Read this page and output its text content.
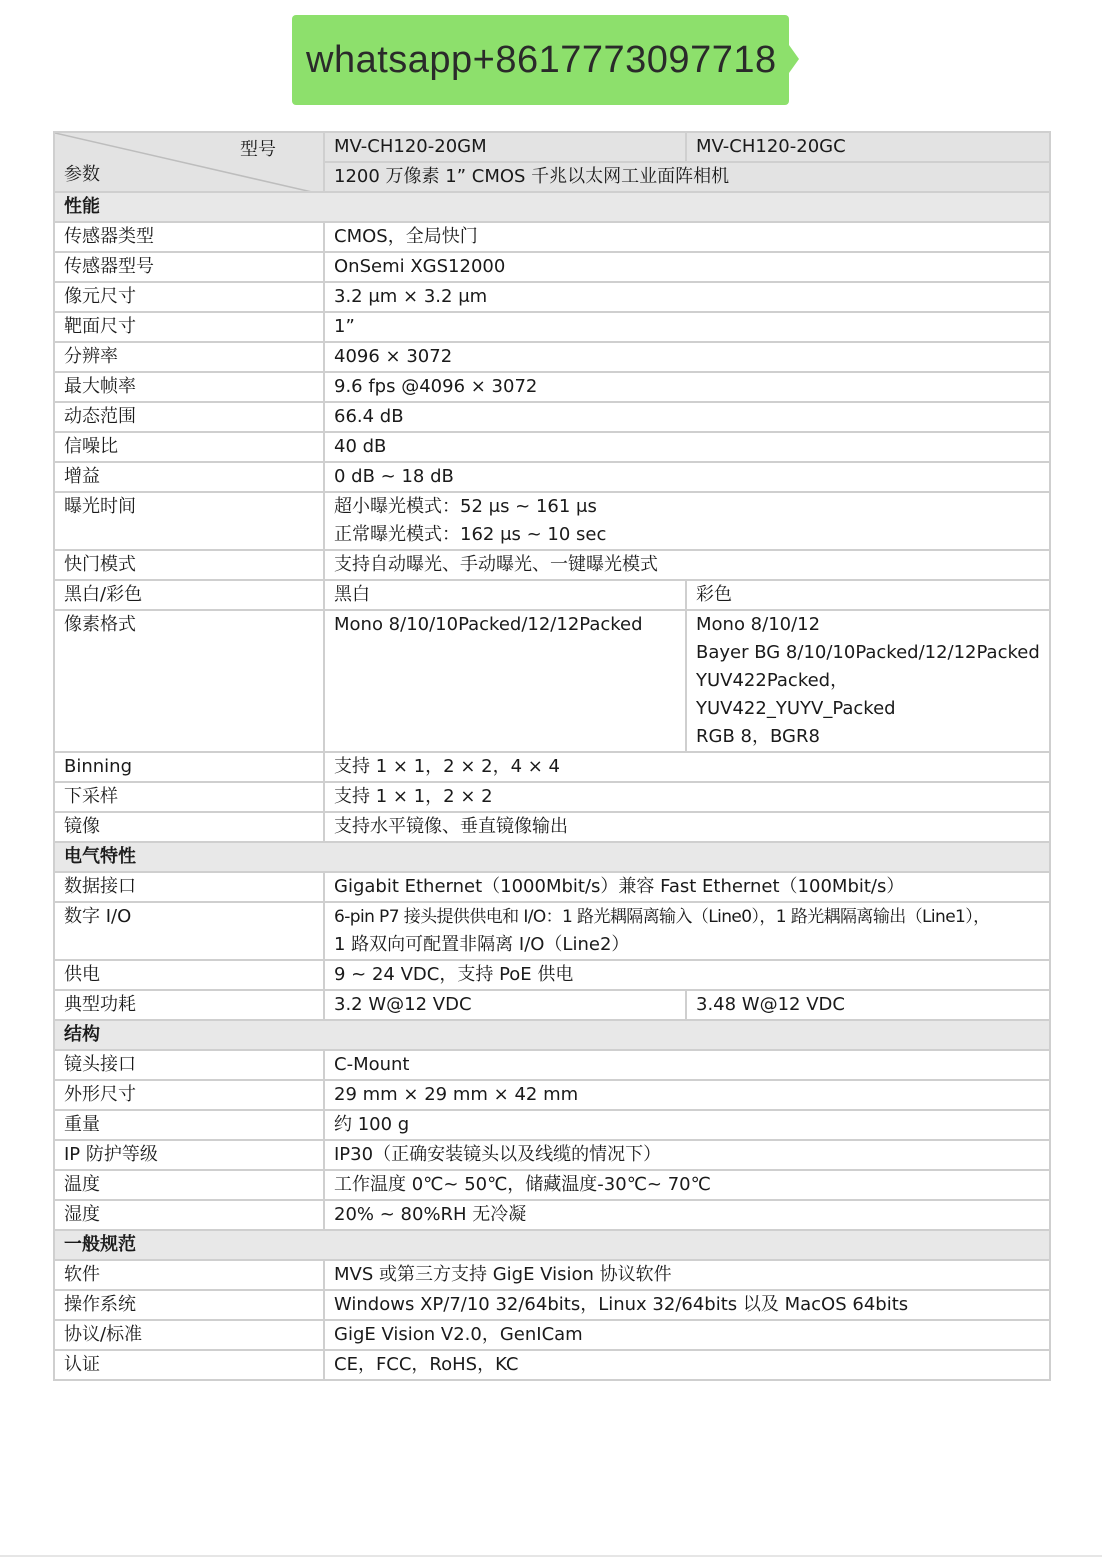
whatsapp+8617773097718
型号
参数	MV-CH120-20GM	MV-CH120-20GC
	1200 万像素 1” CMOS 千兆以太网工业面阵相机	
性能		
传感器类型	CMOS，全局快门	
传感器型号	OnSemi XGS12000	
像元尺寸	3.2 μm × 3.2 μm	
靶面尺寸	1”	
分辨率	4096 × 3072	
最大帧率	9.6 fps @4096 × 3072	
动态范围	66.4 dB	
信噪比	40 dB	
增益	0 dB ~ 18 dB	
曝光时间	超小曝光模式：52 μs ~ 161 μs
正常曝光模式：162 μs ~ 10 sec	

快门模式	支持自动曝光、手动曝光、一键曝光模式	
黑白/彩色	黑白	彩色
像素格式	Mono 8/10/10Packed/12/12Packed	Mono 8/10/12
Bayer BG 8/10/10Packed/12/12Packed
YUV422Packed，
YUV422_YUYV_Packed
RGB 8，BGR8

Binning	支持 1 × 1，2 × 2，4 × 4	
下采样	支持 1 × 1，2 × 2	
镜像	支持水平镜像、垂直镜像输出	
电气特性		
数据接口	Gigabit Ethernet（1000Mbit/s）兼容 Fast Ethernet（100Mbit/s）	
数字 I/O	6-pin P7 接头提供供电和 I/O：1 路光耦隔离输入（Line0），1 路光耦隔离输出（Line1），
1 路双向可配置非隔离 I/O（Line2）	

供电	9 ~ 24 VDC，支持 PoE 供电	
典型功耗	3.2 W@12 VDC	3.48 W@12 VDC
结构		
镜头接口	C-Mount	
外形尺寸	29 mm × 29 mm × 42 mm	
重量	约 100 g	
IP 防护等级	IP30（正确安装镜头以及线缆的情况下）	
温度	工作温度 0℃~ 50℃，储藏温度-30℃~ 70℃	
湿度	20% ~ 80%RH 无冷凝	
一般规范		
软件	MVS 或第三方支持 GigE Vision 协议软件	
操作系统	Windows XP/7/10 32/64bits，Linux 32/64bits 以及 MacOS 64bits	
协议/标准	GigE Vision V2.0，GenICam	
认证	CE，FCC，RoHS，KC	
